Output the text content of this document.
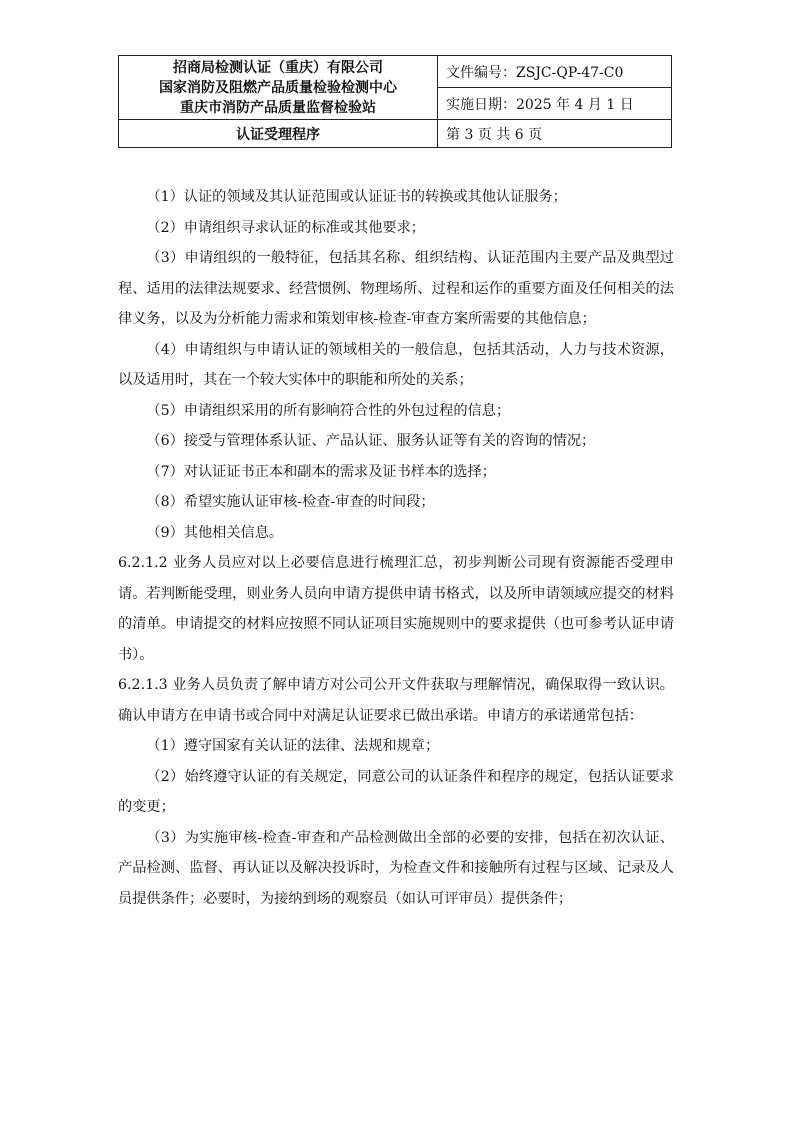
招商局检测认证（重庆）有限公司
国家消防及阻燃产品质量检验检测中心
重庆市消防产品质量监督检验站	文件编号：ZSJC-QP-47-C0
	实施日期：2025 年 4 月 1 日
认证受理程序	第 3 页 共 6 页

（1）认证的领域及其认证范围或认证证书的转换或其他认证服务；

（2）申请组织寻求认证的标准或其他要求；

（3）申请组织的一般特征，包括其名称、组织结构、认证范围内主要产品及典型过程、适用的法律法规要求、经营惯例、物理场所、过程和运作的重要方面及任何相关的法律义务，以及为分析能力需求和策划审核-检查-审查方案所需要的其他信息；

（4）申请组织与申请认证的领域相关的一般信息，包括其活动，人力与技术资源，以及适用时，其在一个较大实体中的职能和所处的关系；

（5）申请组织采用的所有影响符合性的外包过程的信息；

（6）接受与管理体系认证、产品认证、服务认证等有关的咨询的情况；

（7）对认证证书正本和副本的需求及证书样本的选择；

（8）希望实施认证审核-检查-审查的时间段；

（9）其他相关信息。

6.2.1.2 业务人员应对以上必要信息进行梳理汇总，初步判断公司现有资源能否受理申请。若判断能受理，则业务人员向申请方提供申请书格式，以及所申请领域应提交的材料的清单。申请提交的材料应按照不同认证项目实施规则中的要求提供（也可参考认证申请书）。

6.2.1.3 业务人员负责了解申请方对公司公开文件获取与理解情况，确保取得一致认识。确认申请方在申请书或合同中对满足认证要求已做出承诺。申请方的承诺通常包括：

（1）遵守国家有关认证的法律、法规和规章；

（2）始终遵守认证的有关规定，同意公司的认证条件和程序的规定，包括认证要求的变更；

（3）为实施审核-检查-审查和产品检测做出全部的必要的安排，包括在初次认证、产品检测、监督、再认证以及解决投诉时，为检查文件和接触所有过程与区域、记录及人员提供条件；必要时，为接纳到场的观察员（如认可评审员）提供条件；
